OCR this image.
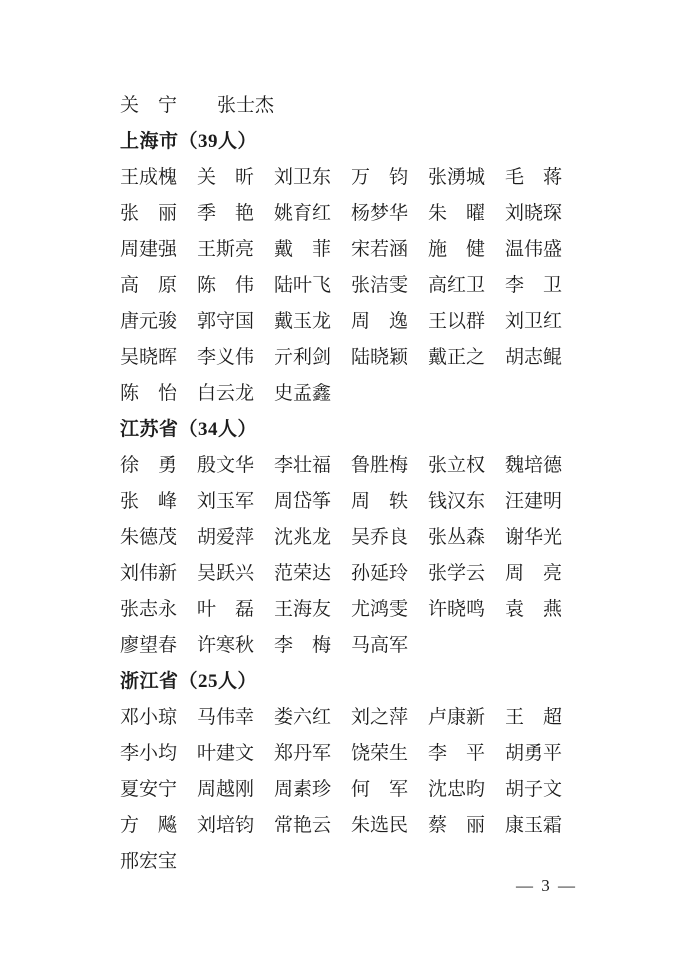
关　宁 张士杰
上海市（39人）
王成槐 关　昕 刘卫东 万　钧 张湧城 毛　蒋
张　丽 季　艳 姚育红 杨梦华 朱　曜 刘晓琛
周建强 王斯亮 戴　菲 宋若涵 施　健 温伟盛
高　原 陈　伟 陆叶飞 张洁雯 高红卫 李　卫
唐元骏 郭守国 戴玉龙 周　逸 王以群 刘卫红
吴晓晖 李义伟 亓利剑 陆晓颖 戴正之 胡志鲲
陈　怡 白云龙 史孟鑫
江苏省（34人）
徐　勇 殷文华 李壮福 鲁胜梅 张立权 魏培德
张　峰 刘玉军 周岱筝 周　轶 钱汉东 汪建明
朱德茂 胡爱萍 沈兆龙 吴乔良 张丛森 谢华光
刘伟新 吴跃兴 范荣达 孙延玲 张学云 周　亮
张志永 叶　磊 王海友 尤鸿雯 许晓鸣 袁　燕
廖望春 许寒秋 李　梅 马高军
浙江省（25人）
邓小琼 马伟幸 娄六红 刘之萍 卢康新 王　超
李小均 叶建文 郑丹军 饶荣生 李　平 胡勇平
夏安宁 周越刚 周素珍 何　军 沈忠昀 胡子文
方　飚 刘培钧 常艳云 朱选民 蔡　丽 康玉霜
邢宏宝
— 3 —
